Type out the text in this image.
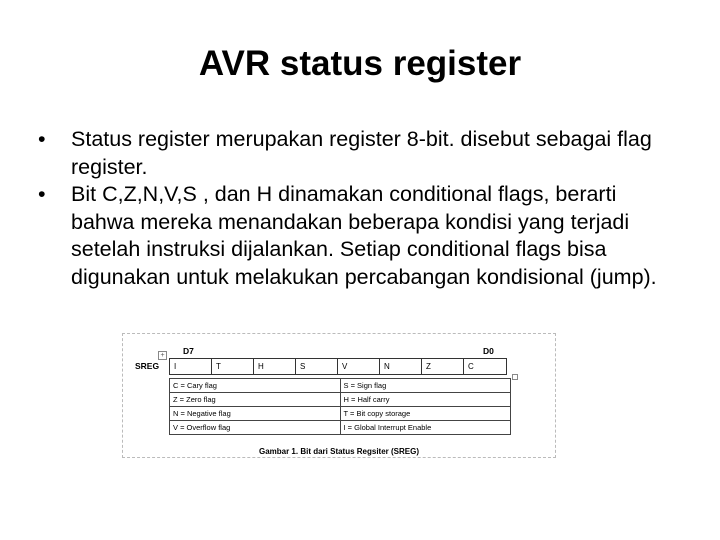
AVR status register
• Status register merupakan register 8-bit. disebut sebagai flag register.
• Bit C,Z,N,V,S , dan H dinamakan conditional flags, berarti bahwa mereka menandakan beberapa kondisi yang terjadi setelah instruksi dijalankan. Setiap conditional flags bisa digunakan untuk melakukan percabangan kondisional (jump).
+ D7	D0
SREG	I	T	H	S	V	N	Z	C
C = Cary flag	S = Sign flag
Z = Zero flag	H = Half carry
N = Negative flag	T = Bit copy storage
V = Overflow flag	I = Global Interrupt Enable
Gambar 1. Bit dari Status Regsiter (SREG)
